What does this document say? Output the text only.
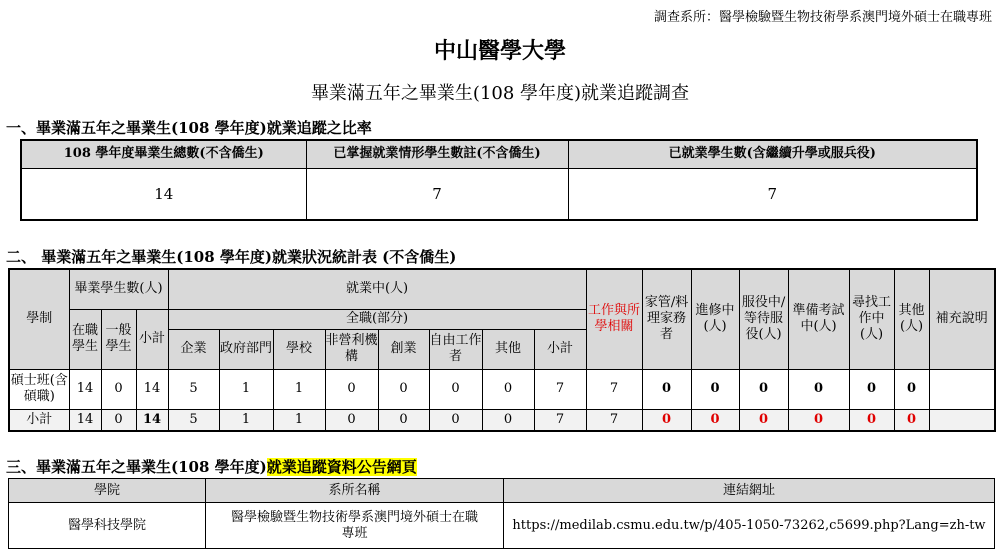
調查系所：醫學檢驗暨生物技術學系澳門境外碩士在職專班
中山醫學大學
畢業滿五年之畢業生(108 學年度)就業追蹤調查
一、畢業滿五年之畢業生(108 學年度)就業追蹤之比率
108 學年度畢業生總數(不含僑生)	已掌握就業情形學生數註(不含僑生)	已就業學生數(含繼續升學或服兵役)
14	7	7
二、 畢業滿五年之畢業生(108 學年度)就業狀況統計表 (不含僑生)
學制	畢業學生數(人)			就業中(人)								工作與所學相關	家管/料理家務者	進修中(人)	服役中/等待服役(人)	準備考試中(人)	尋找工作中(人)	其他(人)	補充說明
	在職學生	一般學生	小計	全職(部分)															
				企業	政府部門	學校	非營利機構	創業	自由工作者	其他	小計								
碩士班(含碩職)	14	0	14	5	1	1	0	0	0	0	7	7	0	0	0	0	0	0	
小計	14	0	14	5	1	1	0	0	0	0	7	7	0	0	0	0	0	0	
三、畢業滿五年之畢業生(108 學年度)就業追蹤資料公告網頁
學院	系所名稱	連結網址
醫學科技學院	醫學檢驗暨生物技術學系澳門境外碩士在職專班	https://medilab.csmu.edu.tw/p/405-1050-73262,c5699.php?Lang=zh-tw
